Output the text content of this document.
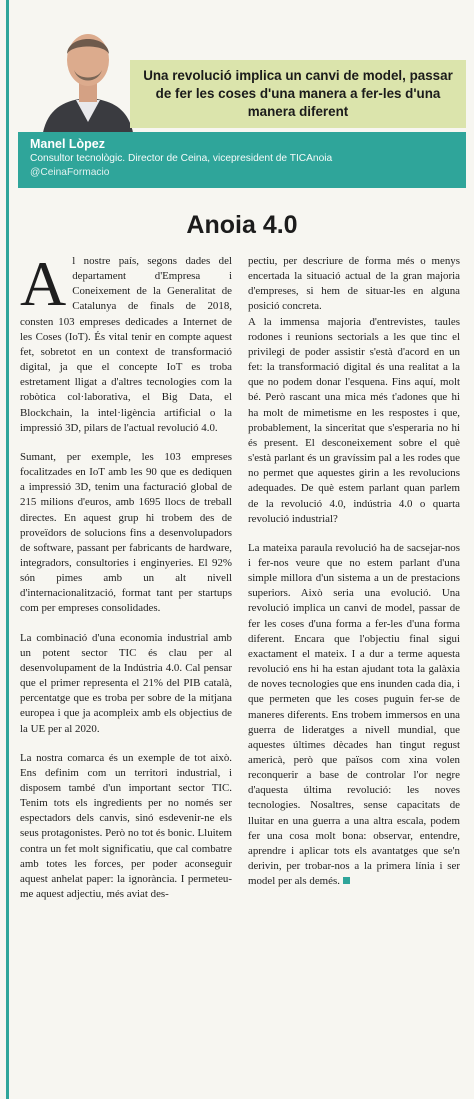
Una revolució implica un canvi de model, passar de fer les coses d'una manera a fer-les d'una manera diferent
Manel Lòpez
Consultor tecnològic. Director de Ceina, vicepresident de TICAnoia
@CeinaFormacio
Anoia 4.0

Al nostre país, segons dades del departament d'Empresa i Coneixement de la Generalitat de Catalunya de finals de 2018, consten 103 empreses dedicades a Internet de les Coses (IoT). És vital tenir en compte aquest fet, sobretot en un context de transformació digital, ja que el concepte IoT es troba estretament lligat a d'altres tecnologies com la robòtica col·laborativa, el Big Data, el Blockchain, la intel·ligència artificial o la impressió 3D, pilars de l'actual revolució 4.0.

Sumant, per exemple, les 103 empreses focalitzades en IoT amb les 90 que es dediquen a impressió 3D, tenim una facturació global de 215 milions d'euros, amb 1695 llocs de treball directes. En aquest grup hi trobem des de proveïdors de solucions fins a desenvolupadors de software, passant per fabricants de hardware, integradors, consultories i enginyeries. El 92% són pimes amb un alt nivell d'internacionalització, format tant per startups com per empreses consolidades.

La combinació d'una economia industrial amb un potent sector TIC és clau per al desenvolupament de la Indústria 4.0. Cal pensar que el primer representa el 21% del PIB català, percentatge que es troba per sobre de la mitjana europea i que ja acompleix amb els objectius de la UE per al 2020.

La nostra comarca és un exemple de tot això. Ens definim com un territori industrial, i disposem també d'un important sector TIC. Tenim tots els ingredients per no només ser espectadors dels canvis, sinó esdevenir-ne els seus protagonistes. Però no tot és bonic. Lluitem contra un fet molt significatiu, que cal combatre amb totes les forces, per poder aconseguir aquest anhelat paper: la ignorància. I permeteu-me aquest adjectiu, més aviat des-

pectiu, per descriure de forma més o menys encertada la situació actual de la gran majoria d'empreses, si hem de situar-les en alguna posició concreta.

A la immensa majoria d'entrevistes, taules rodones i reunions sectorials a les que tinc el privilegi de poder assistir s'està d'acord en un fet: la transformació digital és una realitat a la que no podem donar l'esquena. Fins aquí, molt bé. Però rascant una mica més t'adones que hi ha molt de mimetisme en les respostes i que, probablement, la sinceritat que s'esperaria no hi és present. El desconeixement sobre el què s'està parlant és un gravíssim pal a les rodes que no permet que aquestes girin a les revolucions adequades. De què estem parlant quan parlem de la revolució 4.0, indústria 4.0 o quarta revolució industrial?

La mateixa paraula revolució ha de sacsejar-nos i fer-nos veure que no estem parlant d'una simple millora d'un sistema a un de prestacions superiors. Això seria una evolució. Una revolució implica un canvi de model, passar de fer les coses d'una forma a fer-les d'una forma diferent. Encara que l'objectiu final sigui exactament el mateix. I a dur a terme aquesta revolució ens hi ha estan ajudant tota la galàxia de noves tecnologies que ens inunden cada dia, i que permeten que les coses puguin fer-se de maneres diferents. Ens trobem immersos en una guerra de lideratges a nivell mundial, que aquestes últimes dècades han tingut regust americà, però que països com xina volen reconquerir a base de controlar l'or negre d'aquesta última revolució: les noves tecnologies. Nosaltres, sense capacitats de lluitar en una guerra a una altra escala, podem fer una cosa molt bona: observar, entendre, aprendre i aplicar tots els avantatges que se'n derivin, per trobar-nos a la primera línia i ser model per als demés.
